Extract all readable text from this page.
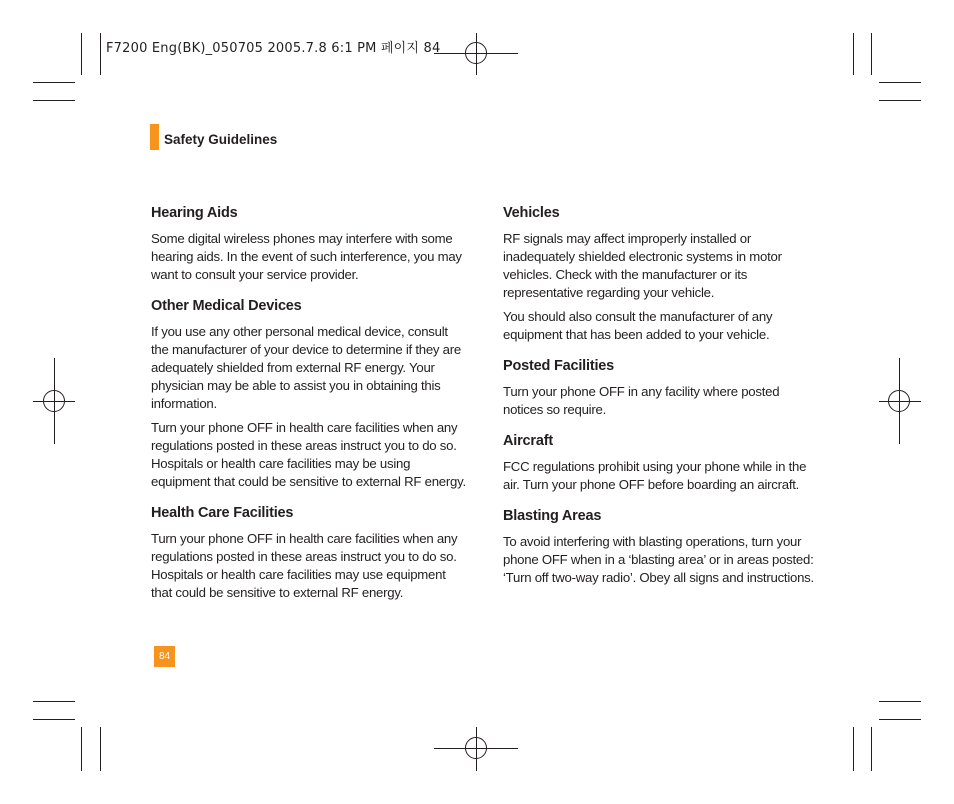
F7200 Eng(BK)_050705 2005.7.8 6:1 PM 페이지 84
Safety Guidelines
Hearing Aids

Some digital wireless phones may interfere with some hearing aids. In the event of such interference, you may want to consult your service provider.

Other Medical Devices

If you use any other personal medical device, consult the manufacturer of your device to determine if they are adequately shielded from external RF energy. Your physician may be able to assist you in obtaining this information.

Turn your phone OFF in health care facilities when any regulations posted in these areas instruct you to do so. Hospitals or health care facilities may be using equipment that could be sensitive to external RF energy.

Health Care Facilities

Turn your phone OFF in health care facilities when any regulations posted in these areas instruct you to do so. Hospitals or health care facilities may use equipment that could be sensitive to external RF energy.

Vehicles

RF signals may affect improperly installed or inadequately shielded electronic systems in motor vehicles. Check with the manufacturer or its representative regarding your vehicle.

You should also consult the manufacturer of any equipment that has been added to your vehicle.

Posted Facilities

Turn your phone OFF in any facility where posted notices so require.

Aircraft

FCC regulations prohibit using your phone while in the air. Turn your phone OFF before boarding an aircraft.

Blasting Areas

To avoid interfering with blasting operations, turn your phone OFF when in a ‘blasting area’ or in areas posted: ‘Turn off two-way radio’. Obey all signs and instructions.

84
